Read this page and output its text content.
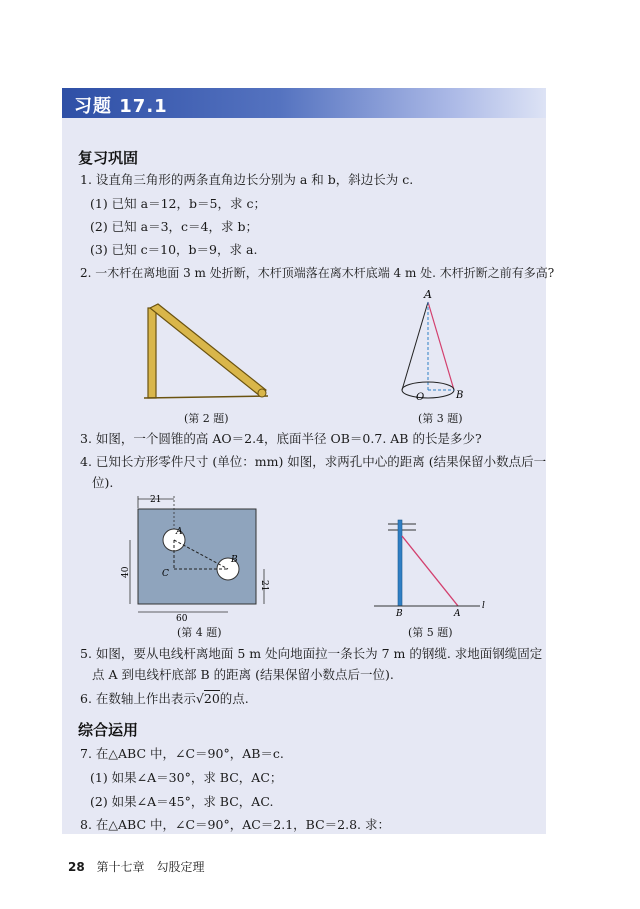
习题 17.1
复习巩固
1. 设直角三角形的两条直角边长分别为 a 和 b，斜边长为 c.
(1) 已知 a＝12，b＝5，求 c；
(2) 已知 a＝3，c＝4，求 b；
(3) 已知 c＝10，b＝9，求 a.
2. 一木杆在离地面 3 m 处折断，木杆顶端落在离木杆底端 4 m 处. 木杆折断之前有多高?
(第 2 题)
A
O	B
(第 3 题)
3. 如图，一个圆锥的高 AO＝2.4，底面半径 OB＝0.7. AB 的长是多少?
4. 已知长方形零件尺寸 (单位：mm) 如图，求两孔中心的距离 (结果保留小数点后一
位).
21
A
B
C
40
60
21
(第 4 题)
B	A
l
(第 5 题)
5. 如图，要从电线杆离地面 5 m 处向地面拉一条长为 7 m 的钢缆. 求地面钢缆固定
点 A 到电线杆底部 B 的距离 (结果保留小数点后一位).
6. 在数轴上作出表示√20的点.
综合运用
7. 在△ABC 中，∠C＝90°，AB＝c.
(1) 如果∠A＝30°，求 BC，AC；
(2) 如果∠A＝45°，求 BC，AC.
8. 在△ABC 中，∠C＝90°，AC＝2.1，BC＝2.8. 求：
28 第十七章　勾股定理
